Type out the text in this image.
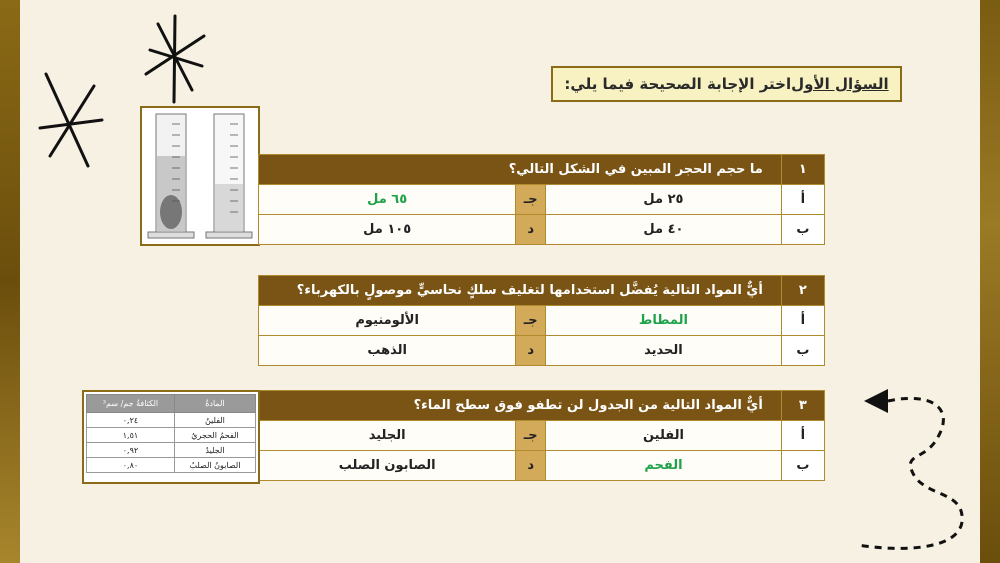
السؤال الأول
اختر الإجابة الصحيحة فيما يلي:
١	ما حجم الحجر المبين في الشكل التالي؟		
أ	٢٥ مل	جـ	٦٥ مل
ب	٤٠ مل	د	١٠٥ مل
٢	أيٌّ المواد التالية يُفضَّل استخدامها لتغليف سلكٍ نحاسيٍّ موصولٍ بالكهرباء؟		
أ	المطاط	جـ	الألومنيوم
ب	الحديد	د	الذهب
٣	أيٌّ المواد التالية من الجدول لن تطفو فوق سطح الماء؟		
أ	الفلين	جـ	الجليد
ب	الفحم	د	الصابون الصلب
المادةُ	الكثافةُ جم/ سم³
الفلينُ	٠,٢٤
الفحمُ الحجريُ	١,٥١
الجليدُ	٠,٩٢
الصابونُ الصلبُ	٠,٨٠
